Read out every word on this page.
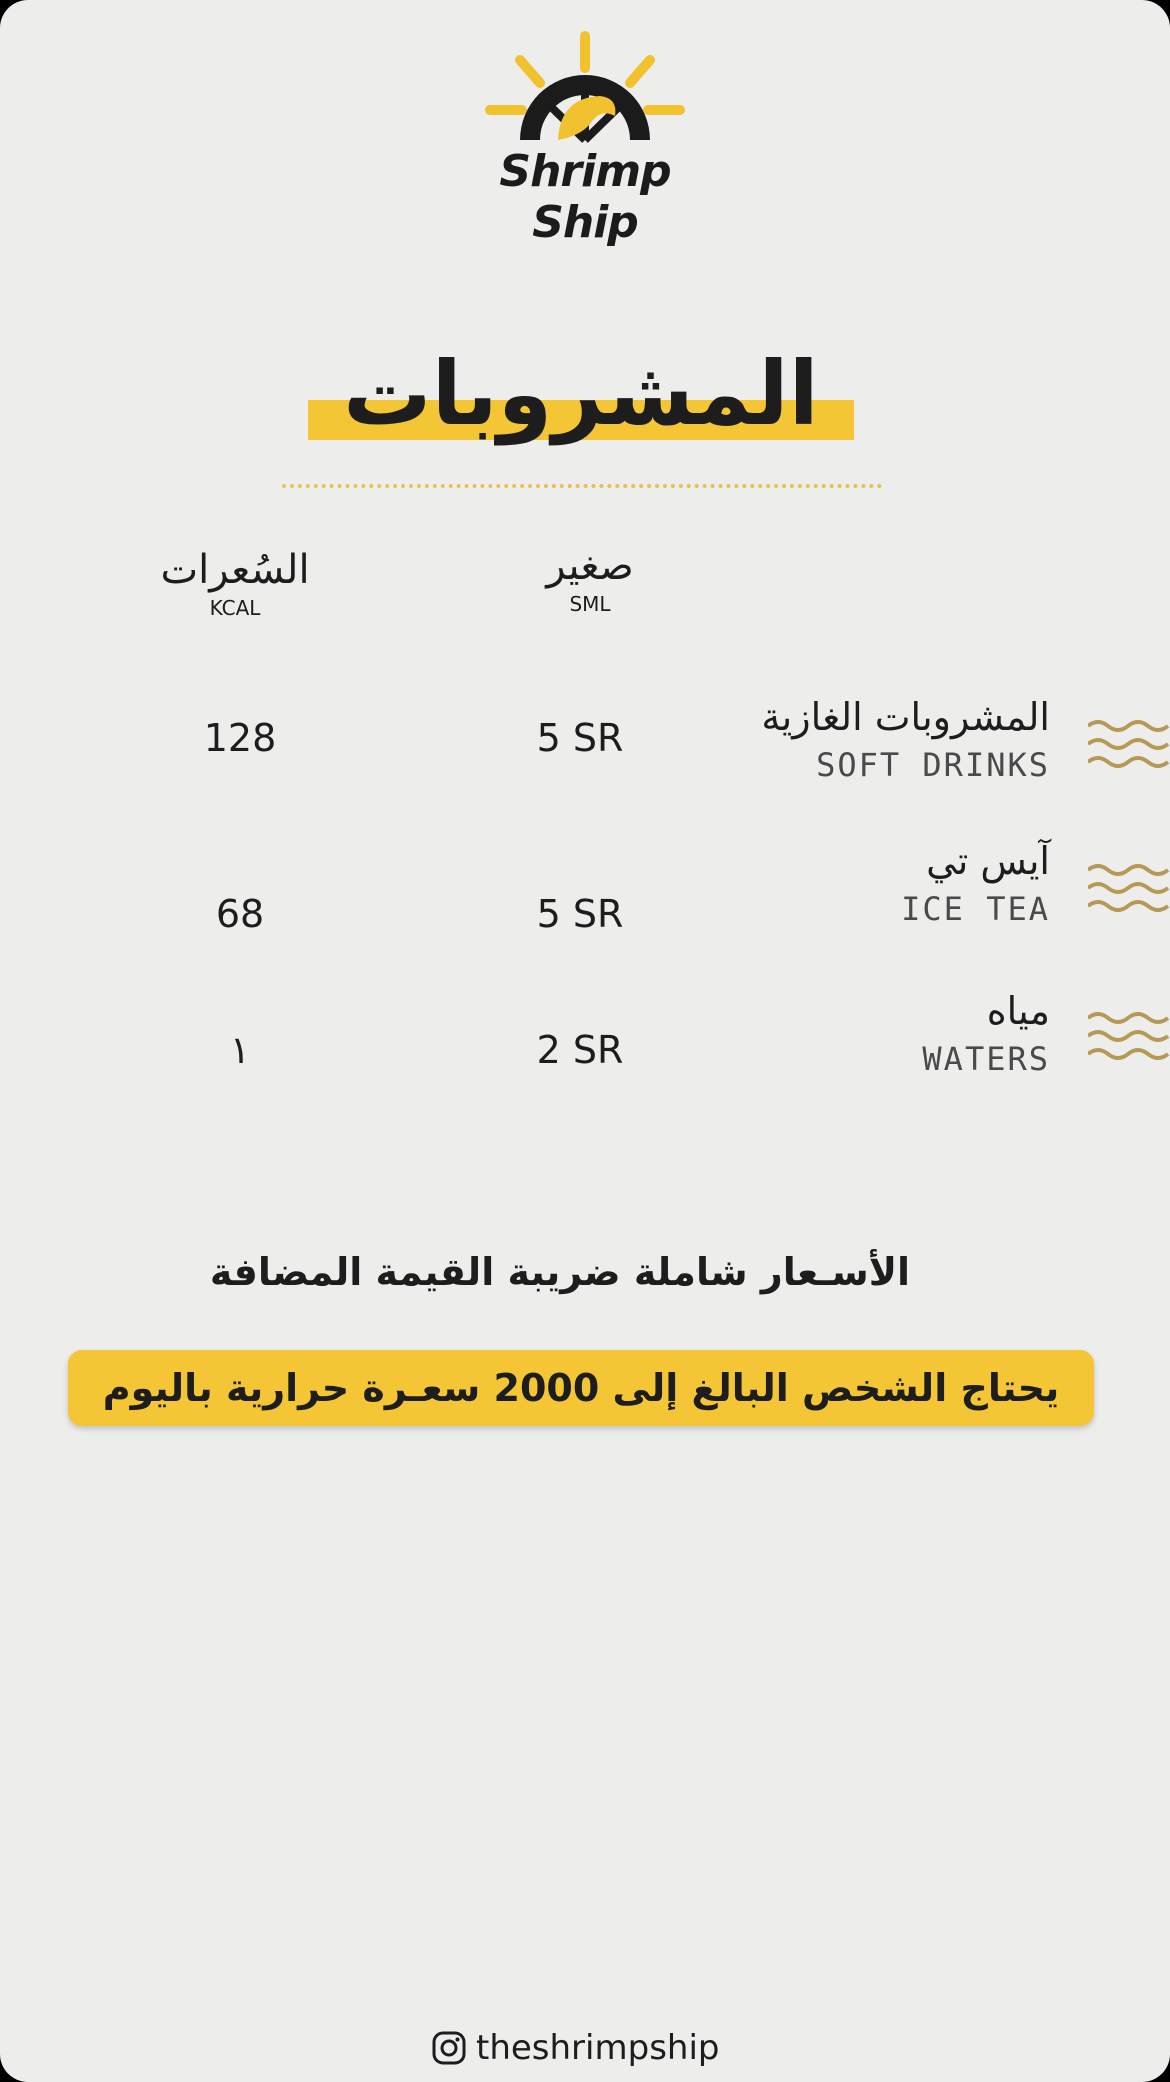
Shrimp Ship
المشروبات
السُعرات
KCAL
صغير
SML
المشروبات الغازية
SOFT DRINKS
5 SR
128
آيس تي
ICE TEA
5 SR
68
مياه
WATERS
2 SR
١
الأسـعار شاملة ضريبة القيمة المضافة
يحتاج الشخص البالغ إلى 2000 سعـرة حرارية باليوم
theshrimpship
